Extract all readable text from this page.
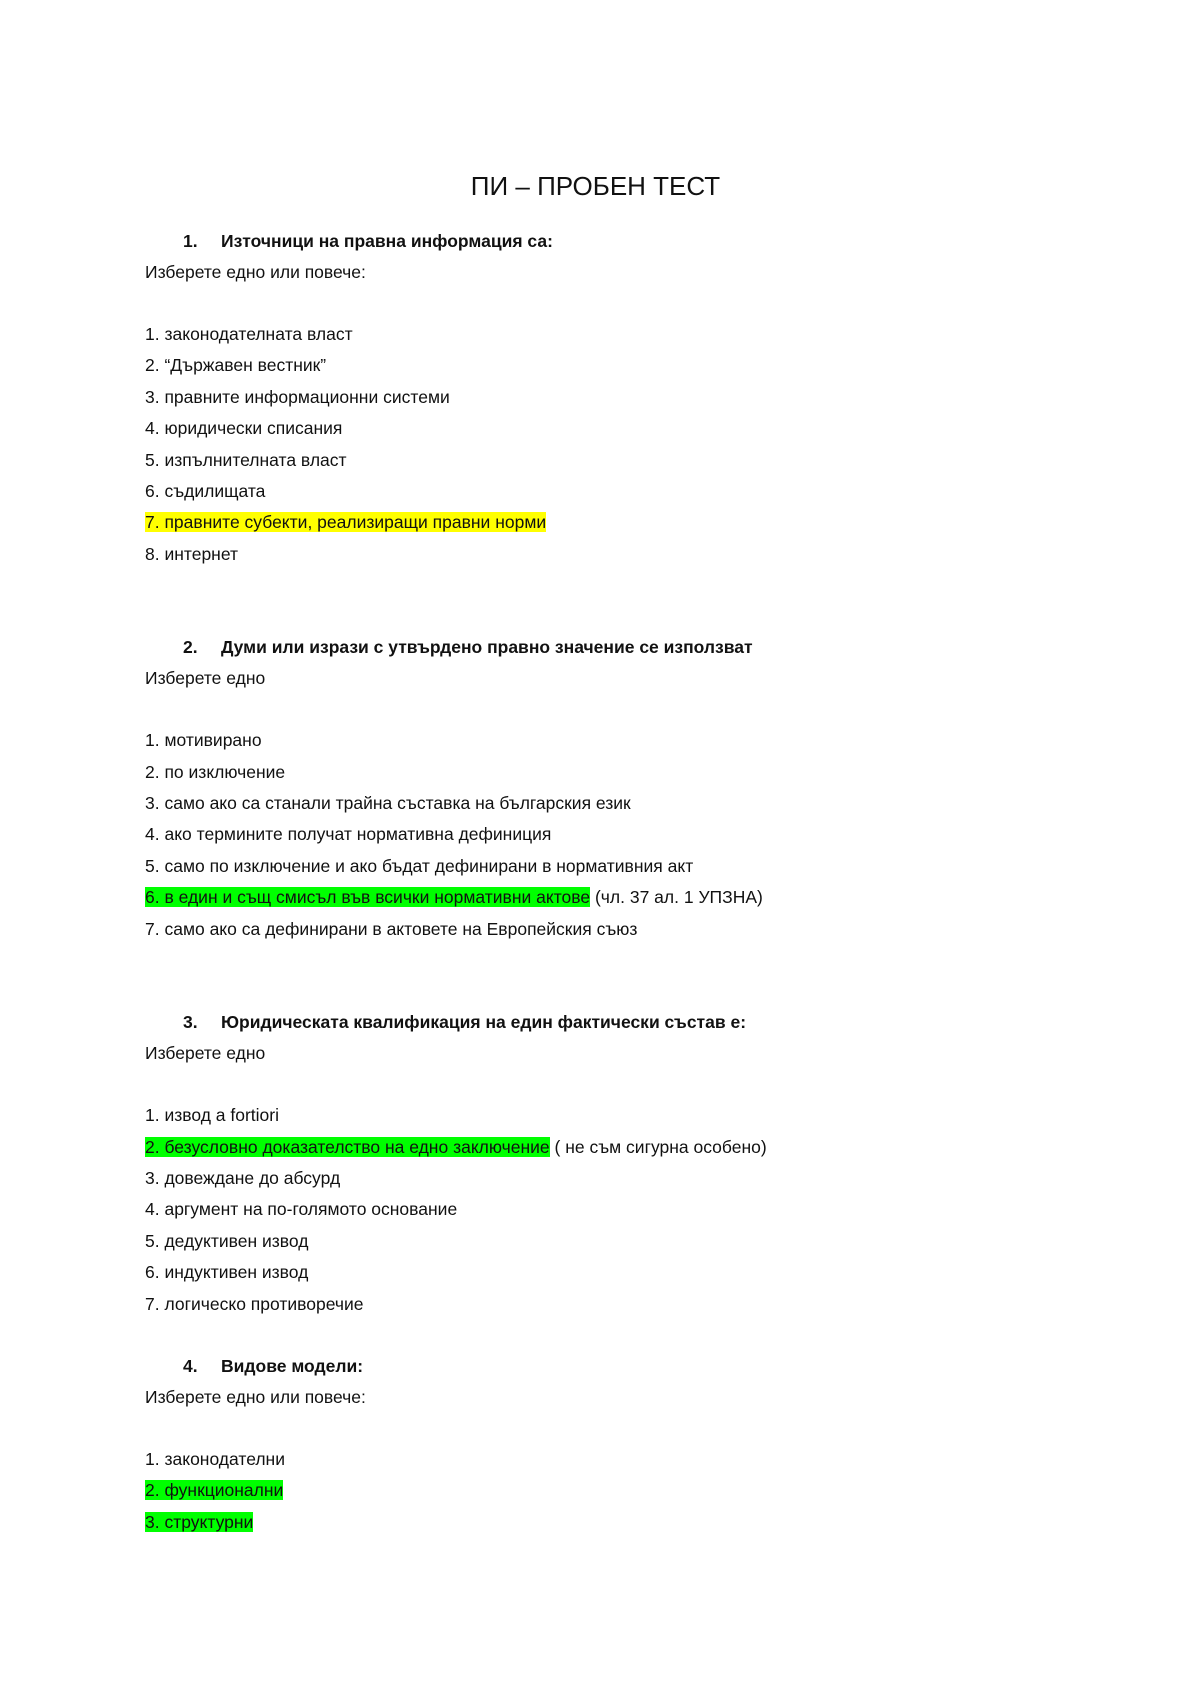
ПИ – ПРОБЕН ТЕСТ
1. Източници на правна информация са:
Изберете едно или повече:
1. законодателната власт
2. “Държавен вестник”
3. правните информационни системи
4. юридически списания
5. изпълнителната власт
6. съдилищата
7. правните субекти, реализиращи правни норми
8. интернет
2. Думи или изрази с утвърдено правно значение се използват
Изберете едно
1. мотивирано
2. по изключение
3. само ако са станали трайна съставка на българския език
4. ако термините получат нормативна дефиниция
5. само по изключение и ако бъдат дефинирани в нормативния акт
6. в един и същ смисъл във всички нормативни актове (чл. 37 ал. 1 УПЗНА)
7. само ако са дефинирани в актовете на Европейския съюз
3. Юридическата квалификация на един фактически състав е:
Изберете едно
1. извод a fortiori
2. безусловно доказателство на едно заключение ( не съм сигурна особено)
3. довеждане до абсурд
4. аргумент на по-голямото основание
5. дедуктивен извод
6. индуктивен извод
7. логическо противоречие
4. Видове модели:
Изберете едно или повече:
1. законодателни
2. функционални
3. структурни
